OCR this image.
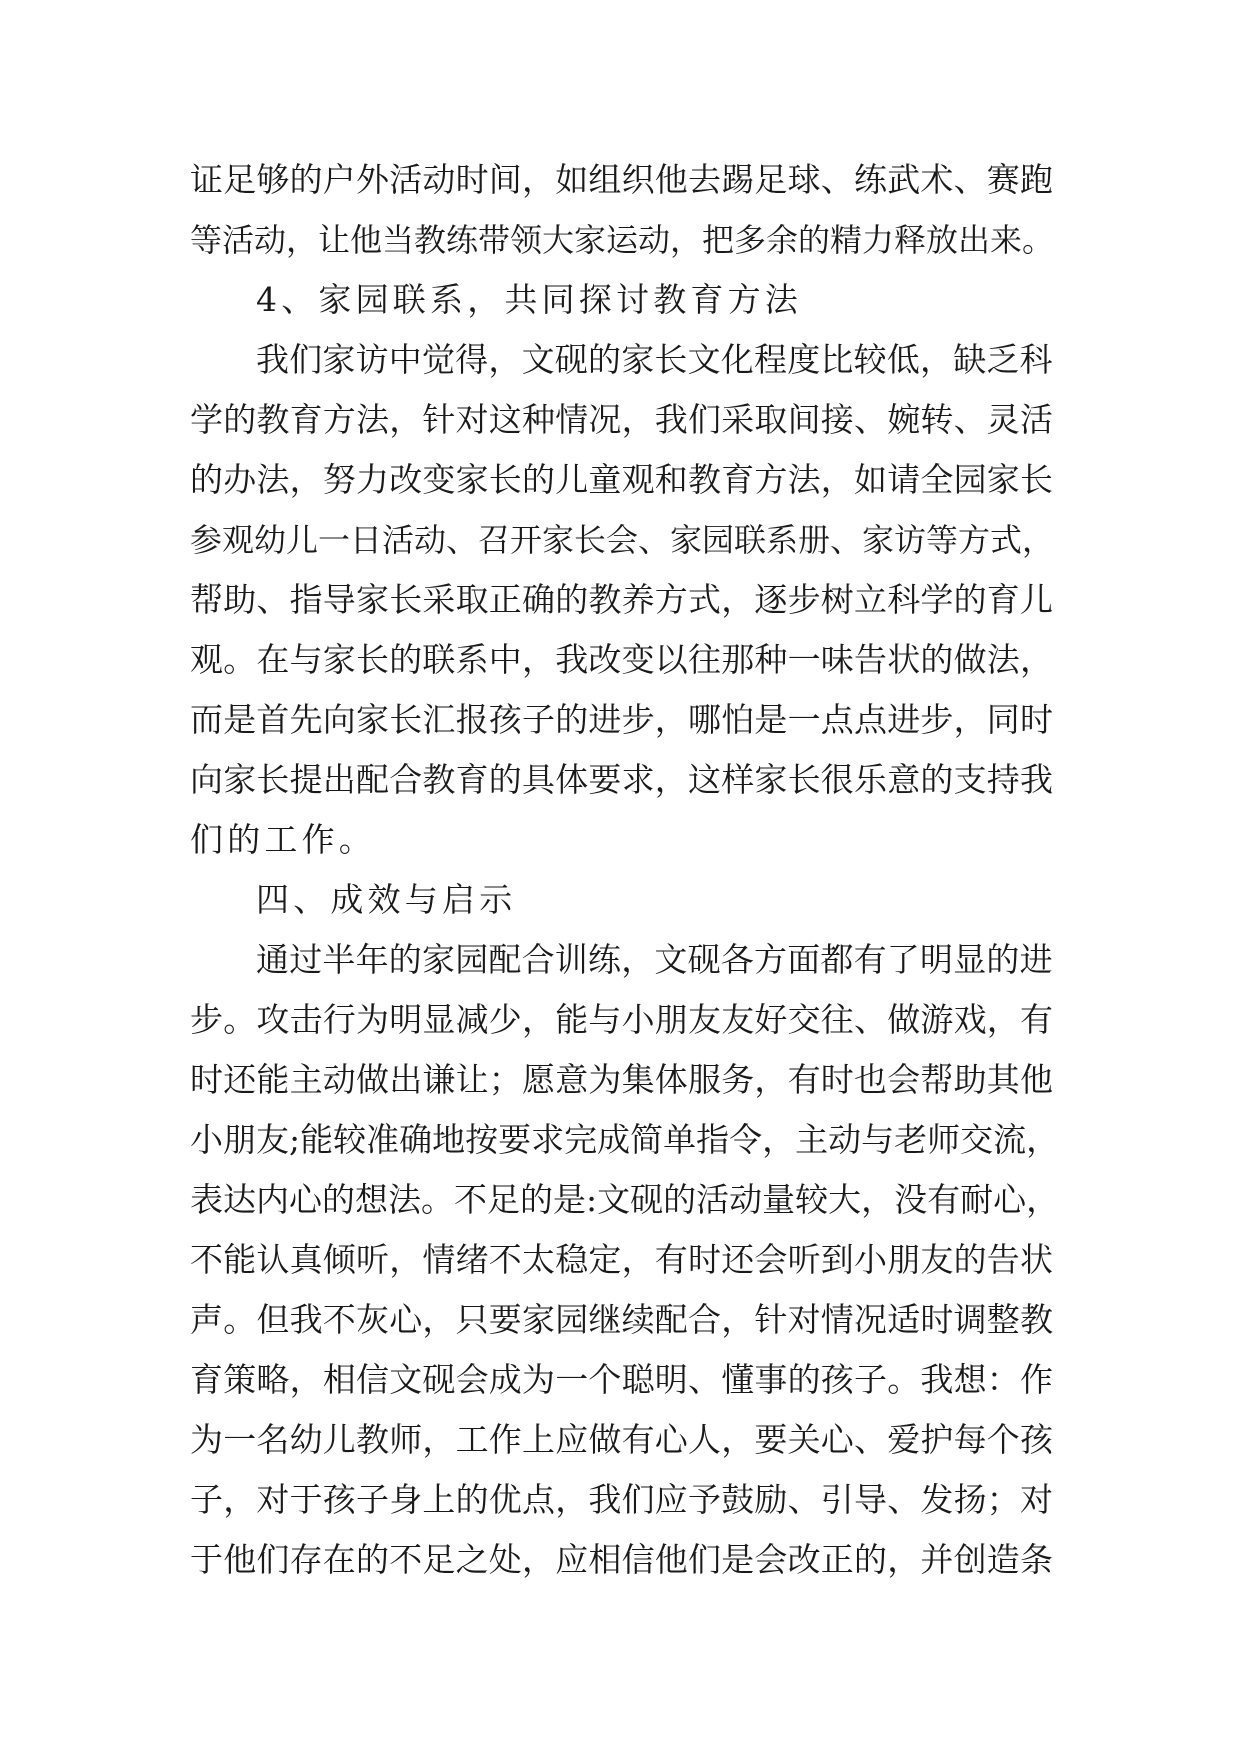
证足够的户外活动时间，如组织他去踢足球、练武术、赛跑
等活动，让他当教练带领大家运动，把多余的精力释放出来。
4、家园联系，共同探讨教育方法
我们家访中觉得，文砚的家长文化程度比较低，缺乏科
学的教育方法，针对这种情况，我们采取间接、婉转、灵活
的办法，努力改变家长的儿童观和教育方法，如请全园家长
参观幼儿一日活动、召开家长会、家园联系册、家访等方式，
帮助、指导家长采取正确的教养方式，逐步树立科学的育儿
观。在与家长的联系中，我改变以往那种一味告状的做法，
而是首先向家长汇报孩子的进步，哪怕是一点点进步，同时
向家长提出配合教育的具体要求，这样家长很乐意的支持我
们的工作。
四、成效与启示
通过半年的家园配合训练，文砚各方面都有了明显的进
步。攻击行为明显减少，能与小朋友友好交往、做游戏，有
时还能主动做出谦让；愿意为集体服务，有时也会帮助其他
小朋友;能较准确地按要求完成简单指令，主动与老师交流，
表达内心的想法。不足的是:文砚的活动量较大，没有耐心，
不能认真倾听，情绪不太稳定，有时还会听到小朋友的告状
声。但我不灰心，只要家园继续配合，针对情况适时调整教
育策略，相信文砚会成为一个聪明、懂事的孩子。我想：作
为一名幼儿教师，工作上应做有心人，要关心、爱护每个孩
子，对于孩子身上的优点，我们应予鼓励、引导、发扬；对
于他们存在的不足之处，应相信他们是会改正的，并创造条
